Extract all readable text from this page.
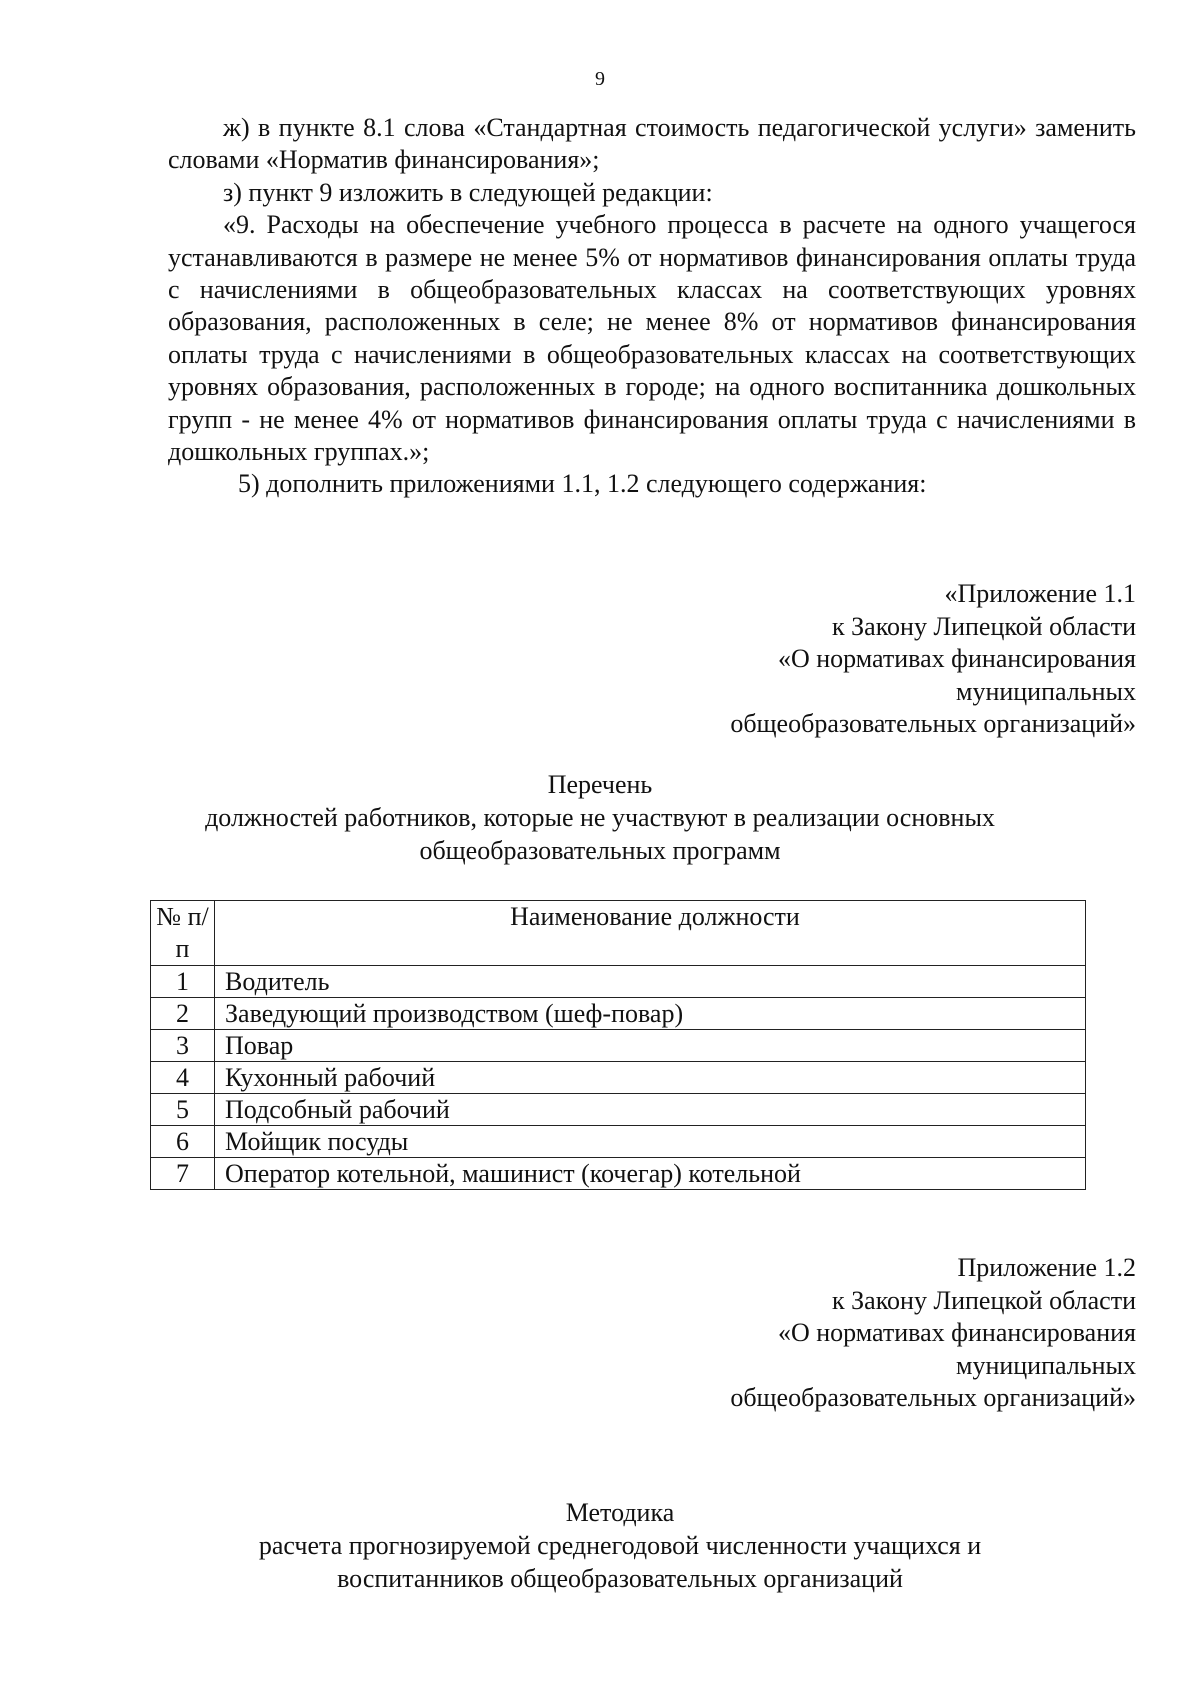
9

ж) в пункте 8.1 слова «Стандартная стоимость педагогической услуги» заменить словами «Норматив финансирования»;

з) пункт 9 изложить в следующей редакции:

«9. Расходы на обеспечение учебного процесса в расчете на одного учащегося устанавливаются в размере не менее 5% от нормативов финансирования оплаты труда с начислениями в общеобразовательных классах на соответствующих уровнях образования, расположенных в селе; не менее 8% от нормативов финансирования оплаты труда с начислениями в общеобразовательных классах на соответствующих уровнях образования, расположенных в городе; на одного воспитанника дошкольных групп - не менее 4% от нормативов финансирования оплаты труда с начислениями в дошкольных группах.»;

5) дополнить приложениями 1.1, 1.2 следующего содержания:

«Приложение 1.1
к Закону Липецкой области
«О нормативах финансирования
муниципальных
общеобразовательных организаций»
Перечень
должностей работников, которые не участвуют в реализации основных
общеобразовательных программ
№ п/п	Наименование должности
1	Водитель
2	Заведующий производством (шеф-повар)
3	Повар
4	Кухонный рабочий
5	Подсобный рабочий
6	Мойщик посуды
7	Оператор котельной, машинист (кочегар) котельной
Приложение 1.2
к Закону Липецкой области
«О нормативах финансирования
муниципальных
общеобразовательных организаций»
Методика
расчета прогнозируемой среднегодовой численности учащихся и
воспитанников общеобразовательных организаций
